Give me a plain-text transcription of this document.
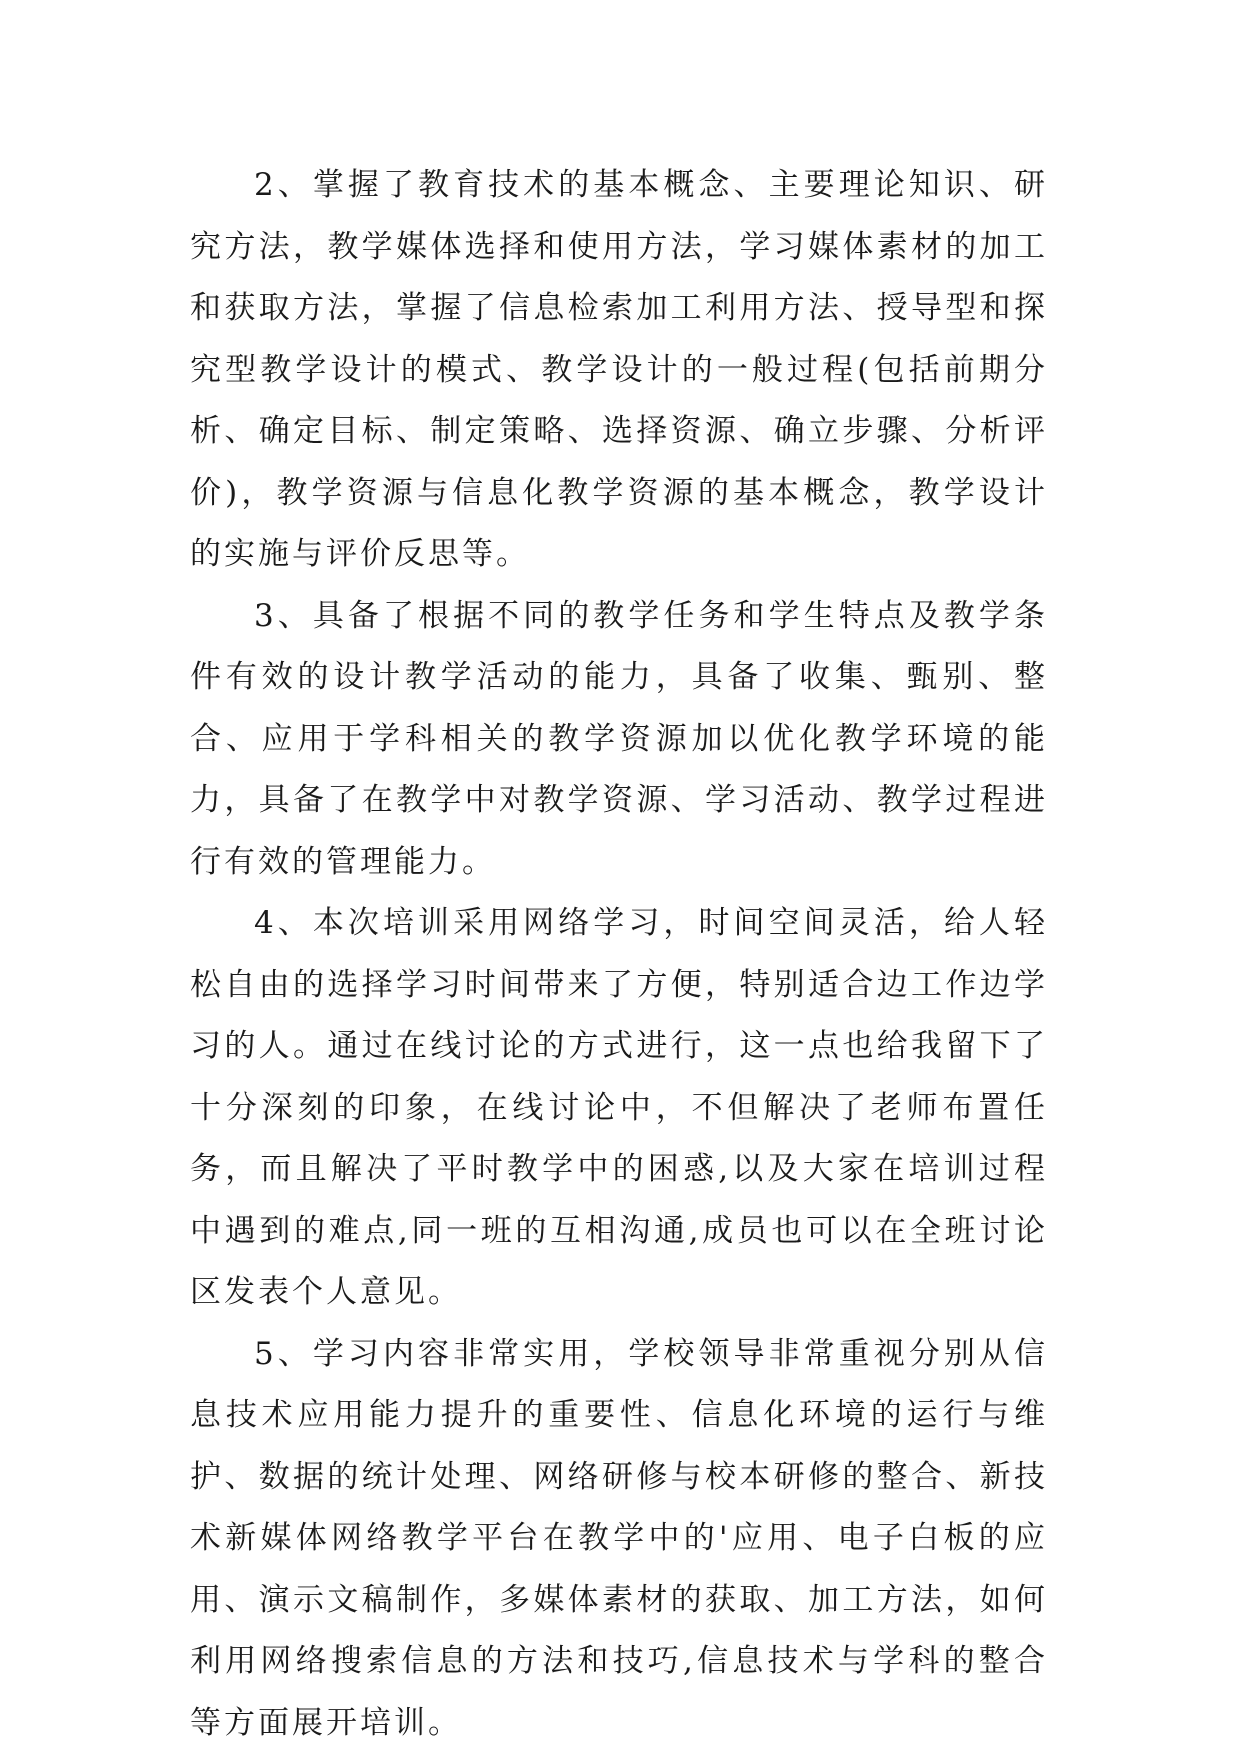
2、掌握了教育技术的基本概念、主要理论知识、研究方法，教学媒体选择和使用方法，学习媒体素材的加工和获取方法，掌握了信息检索加工利用方法、授导型和探究型教学设计的模式、教学设计的一般过程(包括前期分析、确定目标、制定策略、选择资源、确立步骤、分析评价)，教学资源与信息化教学资源的基本概念，教学设计的实施与评价反思等。

3、具备了根据不同的教学任务和学生特点及教学条件有效的设计教学活动的能力，具备了收集、甄别、整合、应用于学科相关的教学资源加以优化教学环境的能力，具备了在教学中对教学资源、学习活动、教学过程进行有效的管理能力。

4、本次培训采用网络学习，时间空间灵活，给人轻松自由的选择学习时间带来了方便，特别适合边工作边学习的人。通过在线讨论的方式进行，这一点也给我留下了十分深刻的印象，在线讨论中，不但解决了老师布置任务，而且解决了平时教学中的困惑,以及大家在培训过程中遇到的难点,同一班的互相沟通,成员也可以在全班讨论区发表个人意见。

5、学习内容非常实用，学校领导非常重视分别从信息技术应用能力提升的重要性、信息化环境的运行与维护、数据的统计处理、网络研修与校本研修的整合、新技术新媒体网络教学平台在教学中的'应用、电子白板的应用、演示文稿制作，多媒体素材的获取、加工方法，如何利用网络搜索信息的方法和技巧,信息技术与学科的整合等方面展开培训。
